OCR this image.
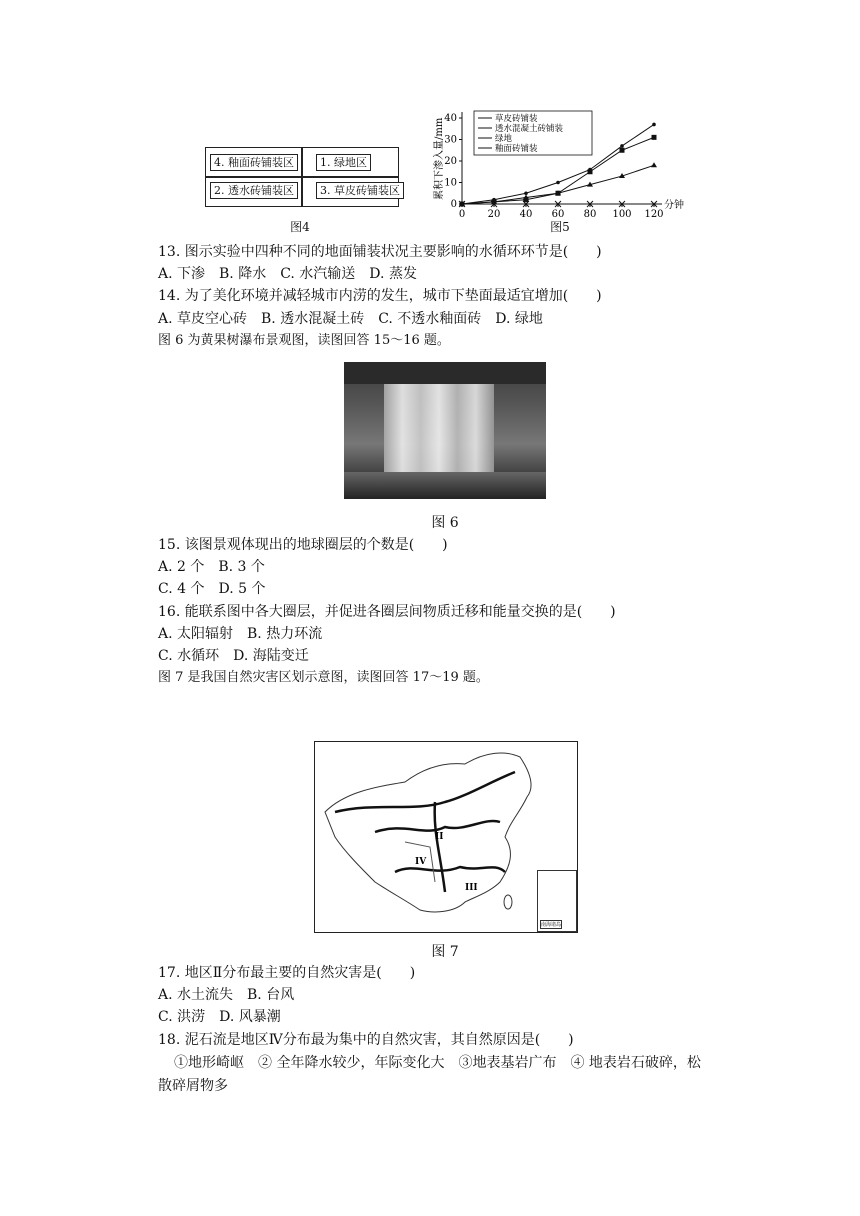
4. 釉面砖铺装区	1. 绿地区
2. 透水砖铺装区	3. 草皮砖铺装区
图4
累积下渗入量/mm
0
10
20
30
40
0 20 40 60 80 100 120
分钟
草皮砖铺装
透水混凝土砖铺装
绿地
釉面砖铺装
图5
13. 图示实验中四种不同的地面铺装状况主要影响的水循环环节是(　　)
A. 下渗　B. 降水　C. 水汽输送　D. 蒸发
14. 为了美化环境并减轻城市内涝的发生，城市下垫面最适宜增加(　　)
A. 草皮空心砖　B. 透水混凝土砖　C. 不透水釉面砖　D. 绿地
图 6 为黄果树瀑布景观图，读图回答 15～16 题。
图 6
15. 该图景观体现出的地球圈层的个数是(　　)
A. 2 个　B. 3 个
C. 4 个　D. 5 个
16. 能联系图中各大圈层，并促进各圈层间物质迁移和能量交换的是(　　)
A. 太阳辐射　B. 热力环流
C. 水循环　D. 海陆变迁
图 7 是我国自然灾害区划示意图，读图回答 17～19 题。
II
IV
III
南海诸岛
图 7
17. 地区Ⅱ分布最主要的自然灾害是(　　)
A. 水土流失　B. 台风
C. 洪涝　D. 风暴潮
18. 泥石流是地区Ⅳ分布最为集中的自然灾害，其自然原因是(　　)
①地形崎岖　② 全年降水较少，年际变化大　③地表基岩广布　④ 地表岩石破碎，松
散碎屑物多
